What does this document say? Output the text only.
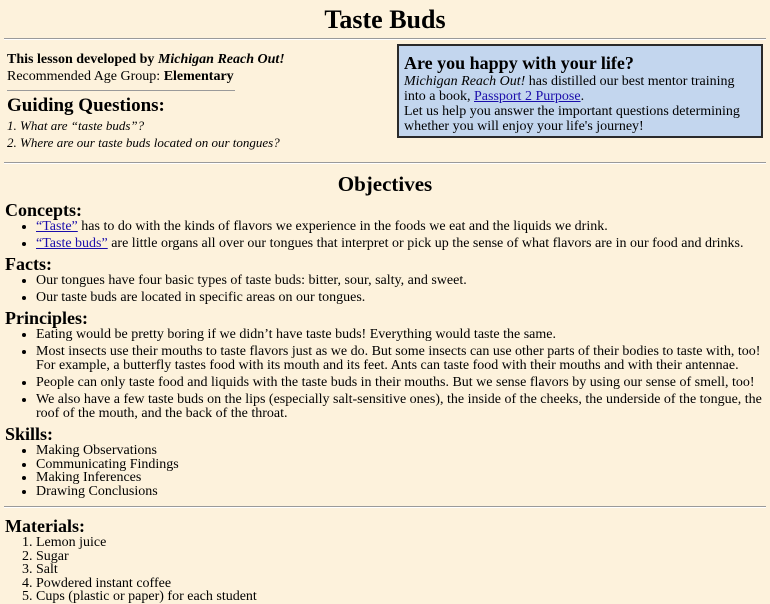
Taste Buds
This lesson developed by Michigan Reach Out!
Recommended Age Group: Elementary
Guiding Questions:
1. What are “taste buds”?
2. Where are our taste buds located on our tongues?
Are you happy with your life?

Michigan Reach Out! has distilled our best mentor training into a book, Passport 2 Purpose.

Let us help you answer the important questions determining whether you will enjoy your life's journey!

Objectives
Concepts:
• “Taste” has to do with the kinds of flavors we experience in the foods we eat and the liquids we drink.
• “Taste buds” are little organs all over our tongues that interpret or pick up the sense of what flavors are in our food and drinks.
Facts:
• Our tongues have four basic types of taste buds: bitter, sour, salty, and sweet.
• Our taste buds are located in specific areas on our tongues.
Principles:
• Eating would be pretty boring if we didn’t have taste buds! Everything would taste the same.
• Most insects use their mouths to taste flavors just as we do. But some insects can use other parts of their bodies to taste with, too! For example, a butterfly tastes food with its mouth and its feet. Ants can taste food with their mouths and with their antennae.
• People can only taste food and liquids with the taste buds in their mouths. But we sense flavors by using our sense of smell, too!
• We also have a few taste buds on the lips (especially salt-sensitive ones), the inside of the cheeks, the underside of the tongue, the roof of the mouth, and the back of the throat.
Skills:
• Making Observations
• Communicating Findings
• Making Inferences
• Drawing Conclusions
Materials:
1. Lemon juice
2. Sugar
3. Salt
4. Powdered instant coffee
5. Cups (plastic or paper) for each student
